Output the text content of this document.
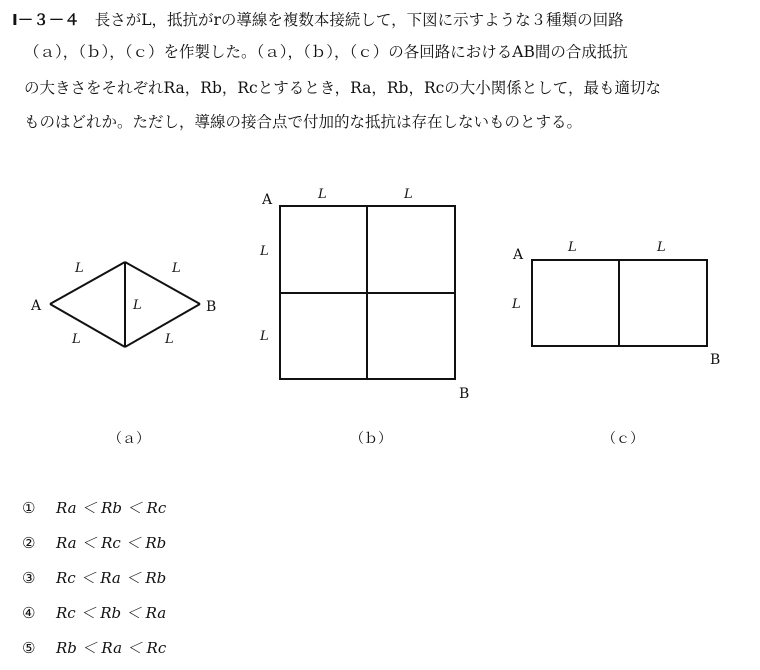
Ⅰ－３－４ 長さがL，抵抗がrの導線を複数本接続して，下図に示すような３種類の回路
（ａ），（ｂ），（ｃ）を作製した。（ａ），（ｂ），（ｃ）の各回路におけるAB間の合成抵抗
の大きさをそれぞれRa，Rb，Rcとするとき，Ra，Rb，Rcの大小関係として，最も適切な
ものはどれか。ただし，導線の接合点で付加的な抵抗は存在しないものとする。
A	B
L	L
L
L	L
A
B
L	L
L
L
A
B
L	L
L
（ａ）	（ｂ）	（ｃ）
① Ra ＜ Rb ＜ Rc
② Ra ＜ Rc ＜ Rb
③ Rc ＜ Ra ＜ Rb
④ Rc ＜ Rb ＜ Ra
⑤ Rb ＜ Ra ＜ Rc
